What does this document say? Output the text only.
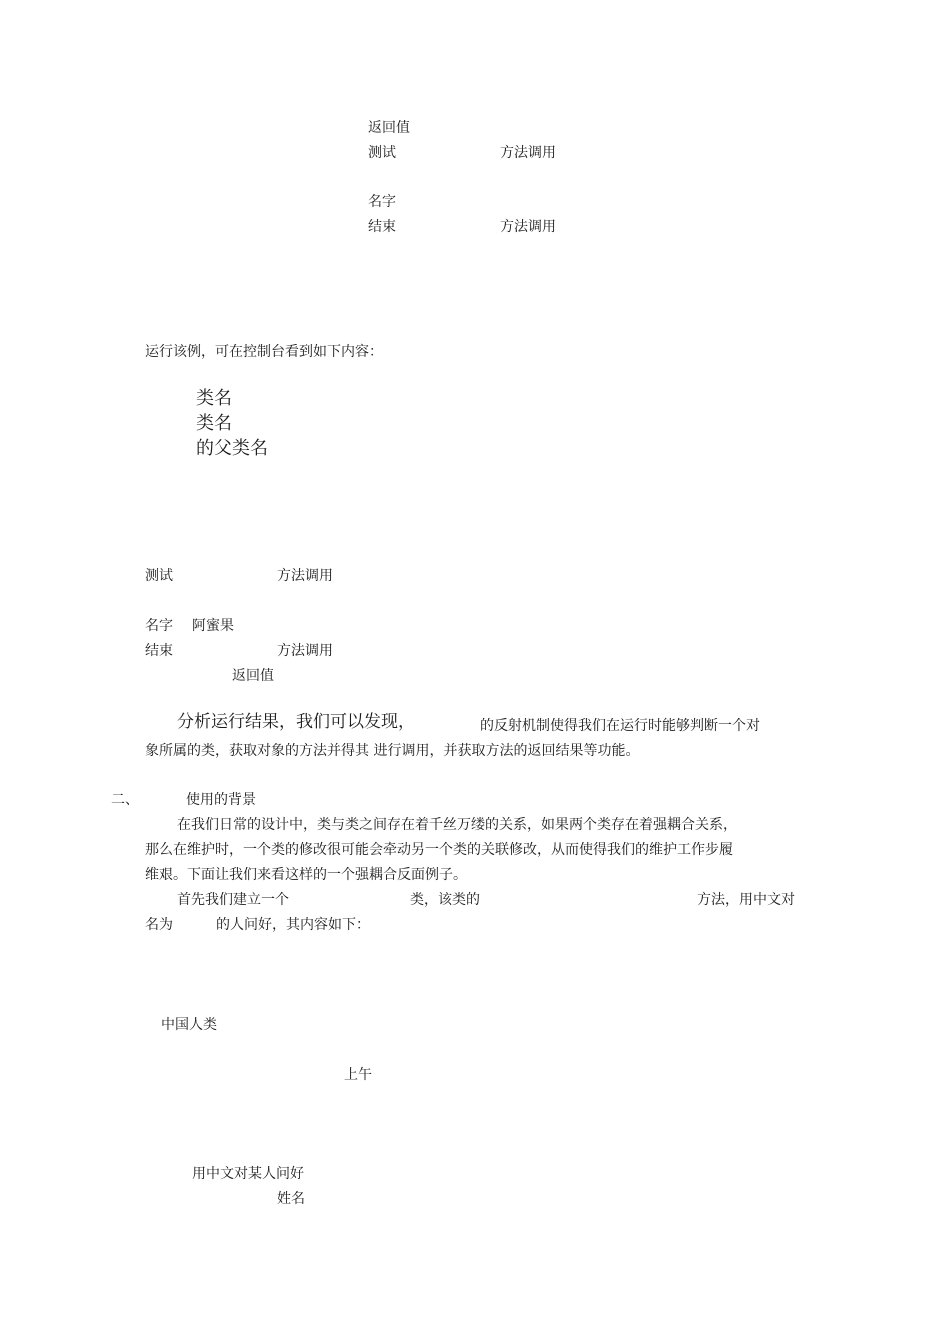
返回值
测试	方法调用
名字
结束	方法调用
运行该例，可在控制台看到如下内容：
类名
类名
的父类名
测试	方法调用
名字 阿蜜果
结束	方法调用
返回值
分析运行结果，我们可以发现，	的反射机制使得我们在运行时能够判断一个对
象所属的类，获取对象的方法并得其 进行调用，并获取方法的返回结果等功能。
二、	使用的背景
在我们日常的设计中，类与类之间存在着千丝万缕的关系，如果两个类存在着强耦合关系，
那么在维护时，一个类的修改很可能会牵动另一个类的关联修改，从而使得我们的维护工作步履
维艰。下面让我们来看这样的一个强耦合反面例子。
首先我们建立一个	类，该类的	方法，用中文对
名为	的人问好，其内容如下：
中国人类
上午
用中文对某人问好
姓名
